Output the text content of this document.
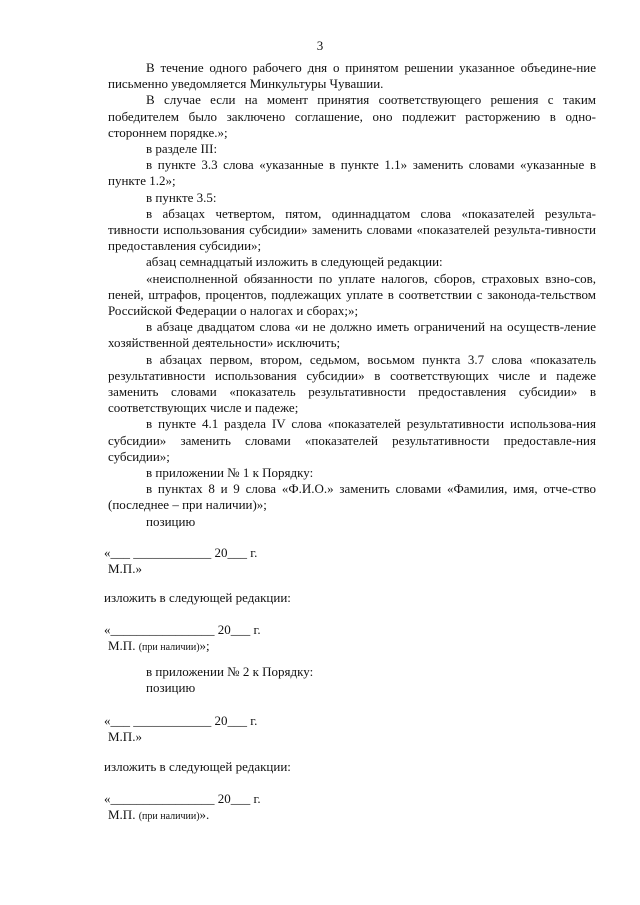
3

В течение одного рабочего дня о принятом решении указанное объедине-ние письменно уведомляется Минкультуры Чувашии.

В случае если на момент принятия соответствующего решения с таким победителем было заключено соглашение, оно подлежит расторжению в одно-стороннем порядке.»;

в разделе III:

в пункте 3.3 слова «указанные в пункте 1.1» заменить словами «указанные в пункте 1.2»;

в пункте 3.5:

в абзацах четвертом, пятом, одиннадцатом слова «показателей результа-тивности использования субсидии» заменить словами «показателей результа-тивности предоставления субсидии»;

абзац семнадцатый изложить в следующей редакции:

«неисполненной обязанности по уплате налогов, сборов, страховых взно-сов, пеней, штрафов, процентов, подлежащих уплате в соответствии с законода-тельством Российской Федерации о налогах и сборах;»;

в абзаце двадцатом слова «и не должно иметь ограничений на осуществ-ление хозяйственной деятельности» исключить;

в абзацах первом, втором, седьмом, восьмом пункта 3.7 слова «показатель результативности использования субсидии» в соответствующих числе и падеже заменить словами «показатель результативности предоставления субсидии» в соответствующих числе и падеже;

в пункте 4.1 раздела IV слова «показателей результативности использова-ния субсидии» заменить словами «показателей результативности предоставле-ния субсидии»;

в приложении № 1 к Порядку:

в пунктах 8 и 9 слова «Ф.И.О.» заменить словами «Фамилия, имя, отче-ство (последнее – при наличии)»;

позицию

«___ ____________ 20___ г.
М.П.»
изложить в следующей редакции:
«________________ 20___ г.
М.П. (при наличии)»;
в приложении № 2 к Порядку:
позицию
«___ ____________ 20___ г.
М.П.»
изложить в следующей редакции:
«________________ 20___ г.
М.П. (при наличии)».
